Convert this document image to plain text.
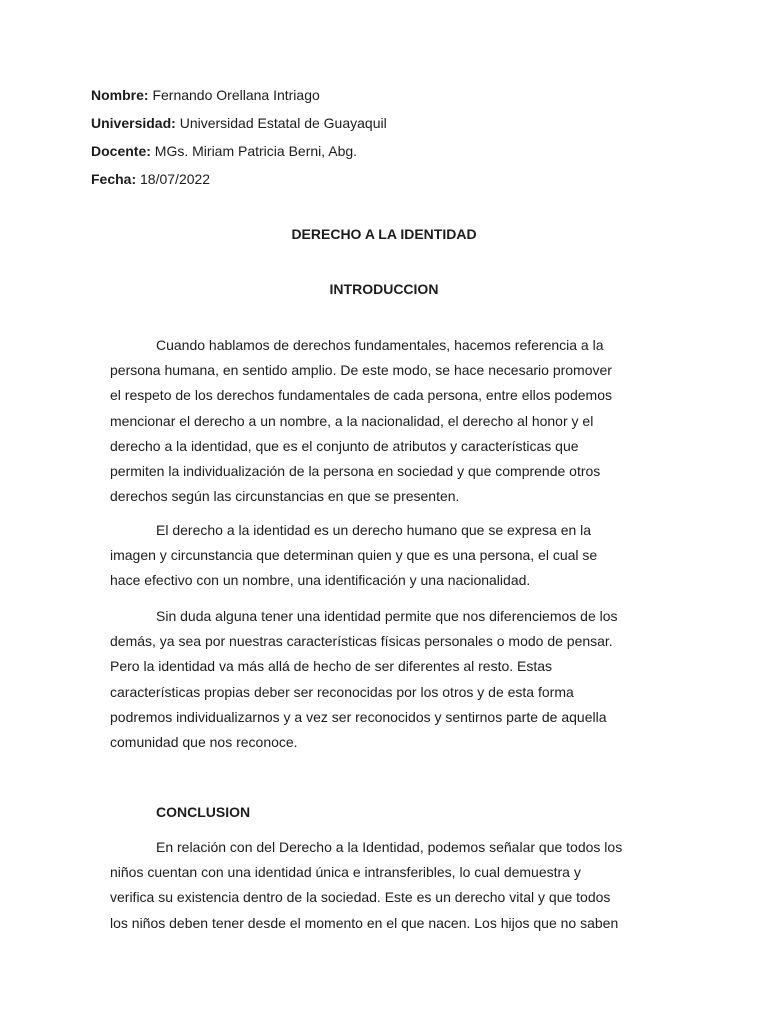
Nombre: Fernando Orellana Intriago
Universidad: Universidad Estatal de Guayaquil
Docente: MGs. Miriam Patricia Berni, Abg.
Fecha: 18/07/2022
DERECHO A LA IDENTIDAD
INTRODUCCION
Cuando hablamos de derechos fundamentales, hacemos referencia a la
persona humana, en sentido amplio. De este modo, se hace necesario promover
el respeto de los derechos fundamentales de cada persona, entre ellos podemos
mencionar el derecho a un nombre, a la nacionalidad, el derecho al honor y el
derecho a la identidad, que es el conjunto de atributos y características que
permiten la individualización de la persona en sociedad y que comprende otros
derechos según las circunstancias en que se presenten.
El derecho a la identidad es un derecho humano que se expresa en la
imagen y circunstancia que determinan quien y que es una persona, el cual se
hace efectivo con un nombre, una identificación y una nacionalidad.
Sin duda alguna tener una identidad permite que nos diferenciemos de los
demás, ya sea por nuestras características físicas personales o modo de pensar.
Pero la identidad va más allá de hecho de ser diferentes al resto. Estas
características propias deber ser reconocidas por los otros y de esta forma
podremos individualizarnos y a vez ser reconocidos y sentirnos parte de aquella
comunidad que nos reconoce.
CONCLUSION
En relación con del Derecho a la Identidad, podemos señalar que todos los
niños cuentan con una identidad única e intransferibles, lo cual demuestra y
verifica su existencia dentro de la sociedad. Este es un derecho vital y que todos
los niños deben tener desde el momento en el que nacen. Los hijos que no saben
